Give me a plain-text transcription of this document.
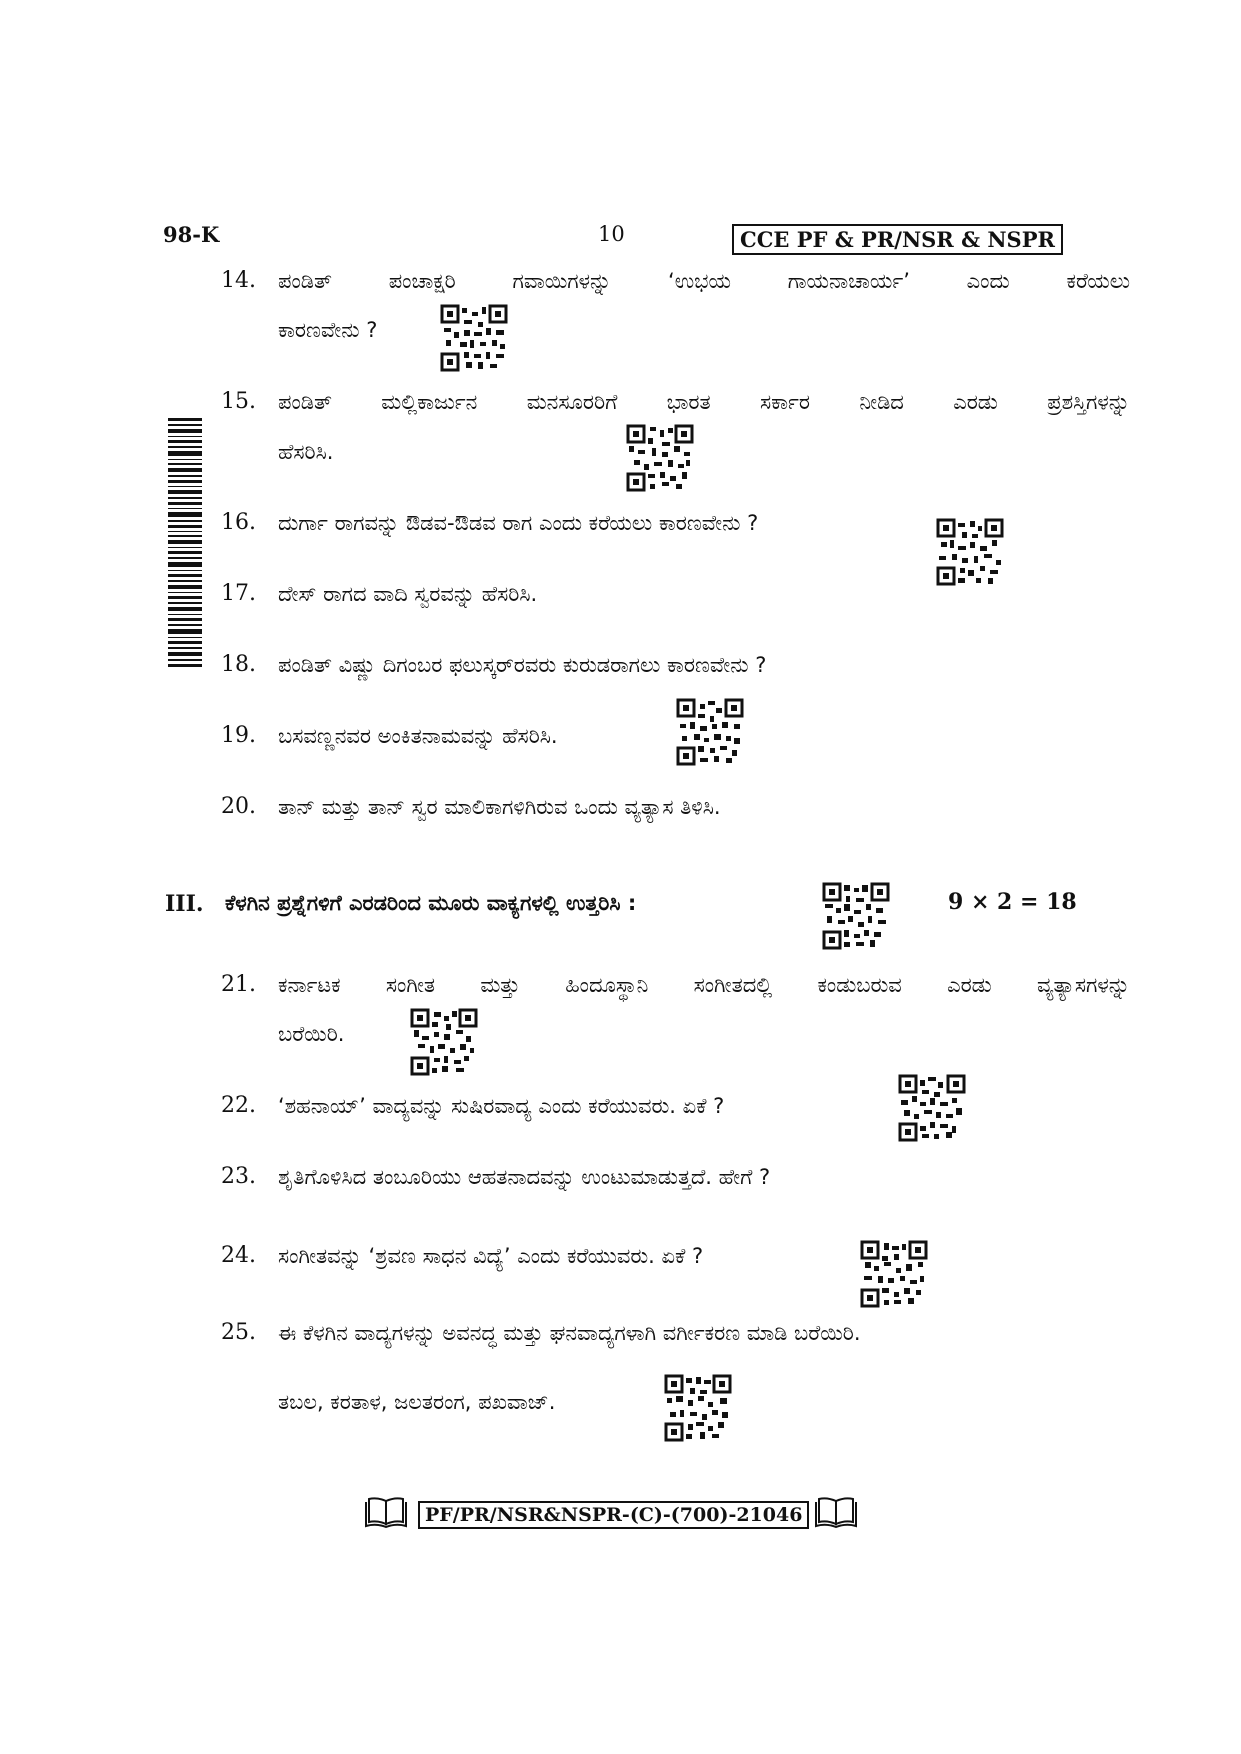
98-K	10	CCE PF & PR/NSR & NSPR
14. ಪಂಡಿತ್ ಪಂಚಾಕ್ಷರಿ ಗವಾಯಿಗಳನ್ನು ‘ಉಭಯ ಗಾಯನಾಚಾರ್ಯ’ ಎಂದು ಕರೆಯಲು
ಕಾರಣವೇನು ?
15. ಪಂಡಿತ್ ಮಲ್ಲಿಕಾರ್ಜುನ ಮನಸೂರರಿಗೆ ಭಾರತ ಸರ್ಕಾರ ನೀಡಿದ ಎರಡು ಪ್ರಶಸ್ತಿಗಳನ್ನು
ಹೆಸರಿಸಿ.
16. ದುರ್ಗಾ ರಾಗವನ್ನು ಔಡವ-ಔಡವ ರಾಗ ಎಂದು ಕರೆಯಲು ಕಾರಣವೇನು ?
17. ದೇಸ್ ರಾಗದ ವಾದಿ ಸ್ವರವನ್ನು ಹೆಸರಿಸಿ.
18. ಪಂಡಿತ್ ವಿಷ್ಣು ದಿಗಂಬರ ಫಲುಸ್ಕರ್‌ರವರು ಕುರುಡರಾಗಲು ಕಾರಣವೇನು ?
19. ಬಸವಣ್ಣನವರ ಅಂಕಿತನಾಮವನ್ನು ಹೆಸರಿಸಿ.
20. ತಾನ್ ಮತ್ತು ತಾನ್ ಸ್ವರ ಮಾಲಿಕಾಗಳಿಗಿರುವ ಒಂದು ವ್ಯತ್ಯಾಸ ತಿಳಿಸಿ.
III. ಕೆಳಗಿನ ಪ್ರಶ್ನೆಗಳಿಗೆ ಎರಡರಿಂದ ಮೂರು ವಾಕ್ಯಗಳಲ್ಲಿ ಉತ್ತರಿಸಿ :	9 × 2 = 18
21. ಕರ್ನಾಟಕ ಸಂಗೀತ ಮತ್ತು ಹಿಂದೂಸ್ಥಾನಿ ಸಂಗೀತದಲ್ಲಿ ಕಂಡುಬರುವ ಎರಡು ವ್ಯತ್ಯಾಸಗಳನ್ನು
ಬರೆಯಿರಿ.
22. ‘ಶಹನಾಯ್’ ವಾದ್ಯವನ್ನು ಸುಷಿರವಾದ್ಯ ಎಂದು ಕರೆಯುವರು. ಏಕೆ ?
23. ಶೃತಿಗೊಳಿಸಿದ ತಂಬೂರಿಯು ಆಹತನಾದವನ್ನು ಉಂಟುಮಾಡುತ್ತದೆ. ಹೇಗೆ ?
24. ಸಂಗೀತವನ್ನು ‘ಶ್ರವಣ ಸಾಧನ ವಿದ್ಯೆ’ ಎಂದು ಕರೆಯುವರು. ಏಕೆ ?
25. ಈ ಕೆಳಗಿನ ವಾದ್ಯಗಳನ್ನು ಅವನದ್ಧ ಮತ್ತು ಘನವಾದ್ಯಗಳಾಗಿ ವರ್ಗೀಕರಣ ಮಾಡಿ ಬರೆಯಿರಿ.
ತಬಲ, ಕರತಾಳ, ಜಲತರಂಗ, ಪಖವಾಜ್.
PF/PR/NSR&NSPR-(C)-(700)-21046
